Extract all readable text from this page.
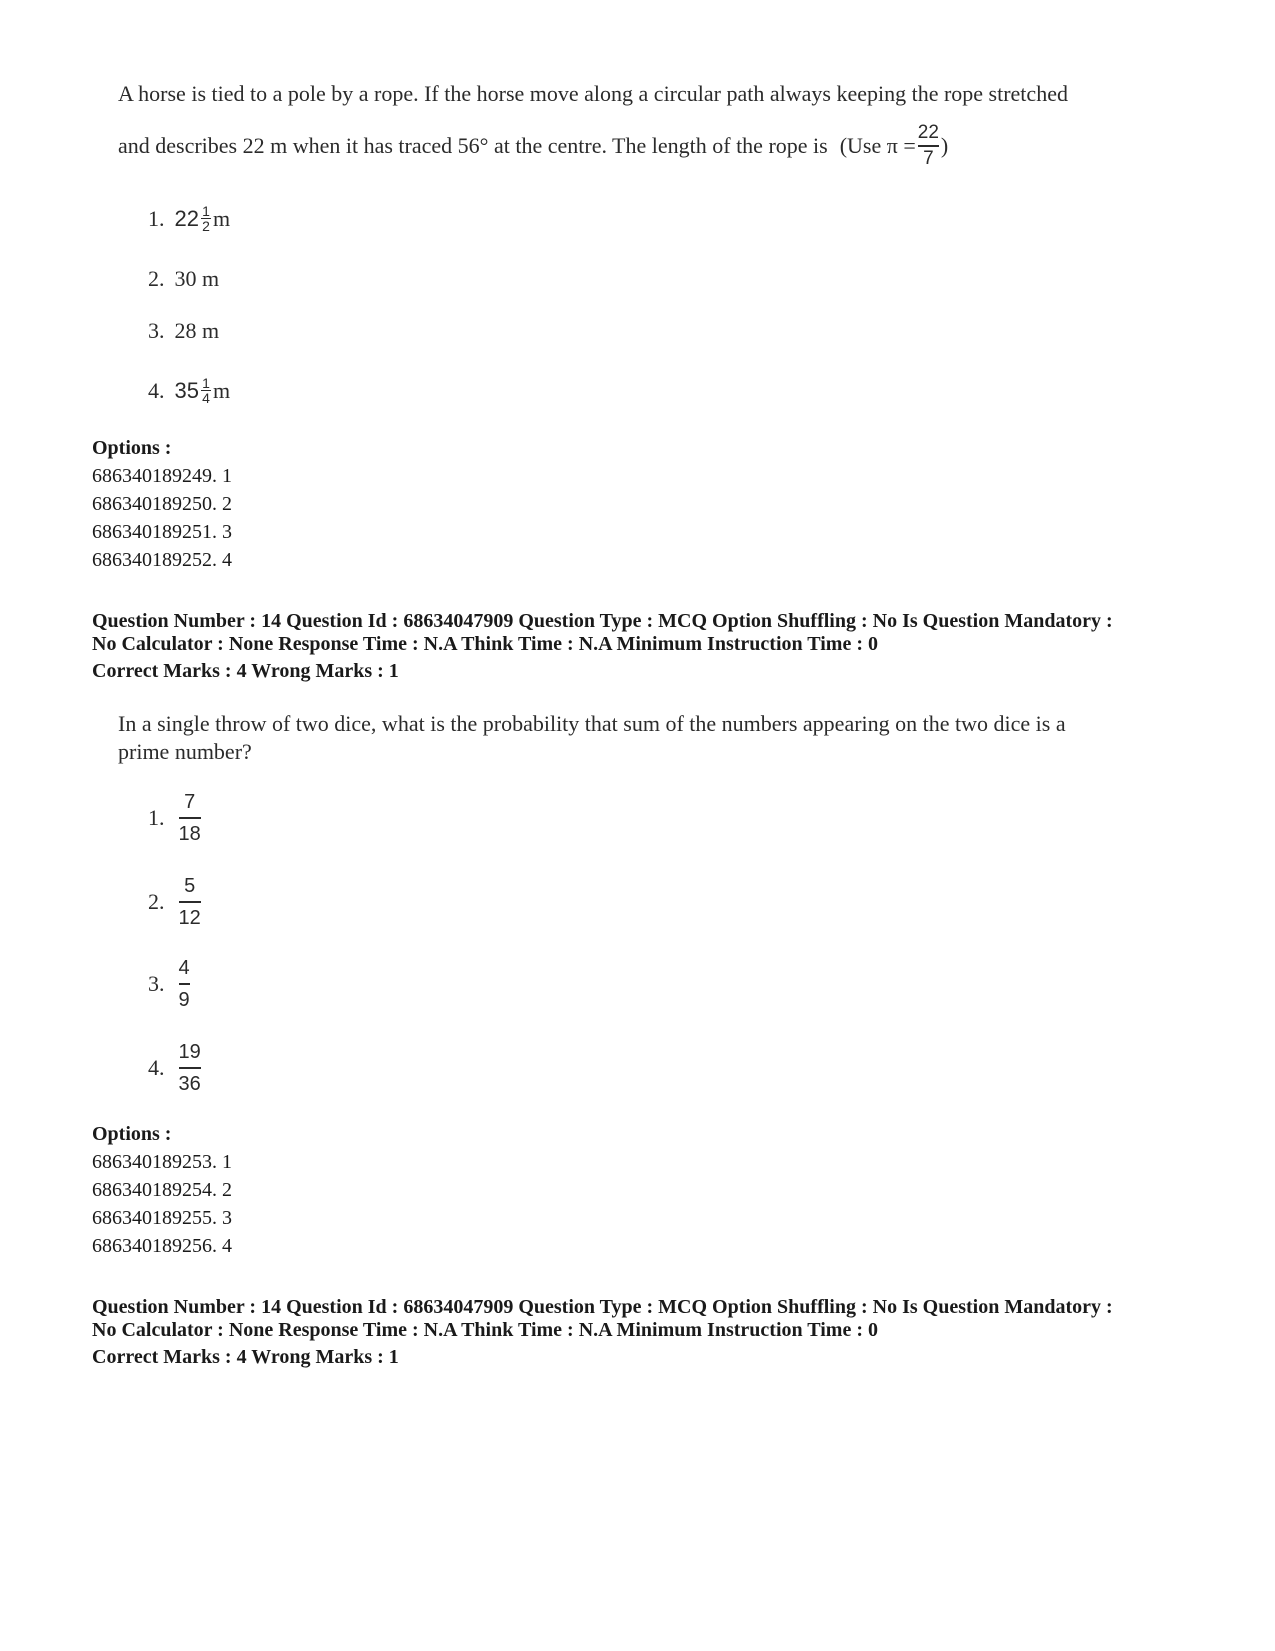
A horse is tied to a pole by a rope. If the horse move along a circular path always keeping the rope stretched
and describes 22 m when it has traced 56° at the centre. The length of the rope is (Use $\pi = \frac{22}{7}$ )
1. $22 \frac{1}{2}$ m
2. 30 m
3. 28 m
4. $35 \frac{1}{4}$ m
Options :
686340189249. 1
686340189250. 2
686340189251. 3
686340189252. 4
Question Number : 14 Question Id : 68634047909 Question Type : MCQ Option Shuffling : No Is Question Mandatory :
No Calculator : None Response Time : N.A Think Time : N.A Minimum Instruction Time : 0
Correct Marks : 4 Wrong Marks : 1
In a single throw of two dice, what is the probability that sum of the numbers appearing on the two dice is a
prime number?
1. $\frac{7}{18}$
2. $\frac{5}{12}$
3. $\frac{4}{9}$
4. $\frac{19}{36}$
Options :
686340189253. 1
686340189254. 2
686340189255. 3
686340189256. 4
Question Number : 14 Question Id : 68634047909 Question Type : MCQ Option Shuffling : No Is Question Mandatory :
No Calculator : None Response Time : N.A Think Time : N.A Minimum Instruction Time : 0
Correct Marks : 4 Wrong Marks : 1
